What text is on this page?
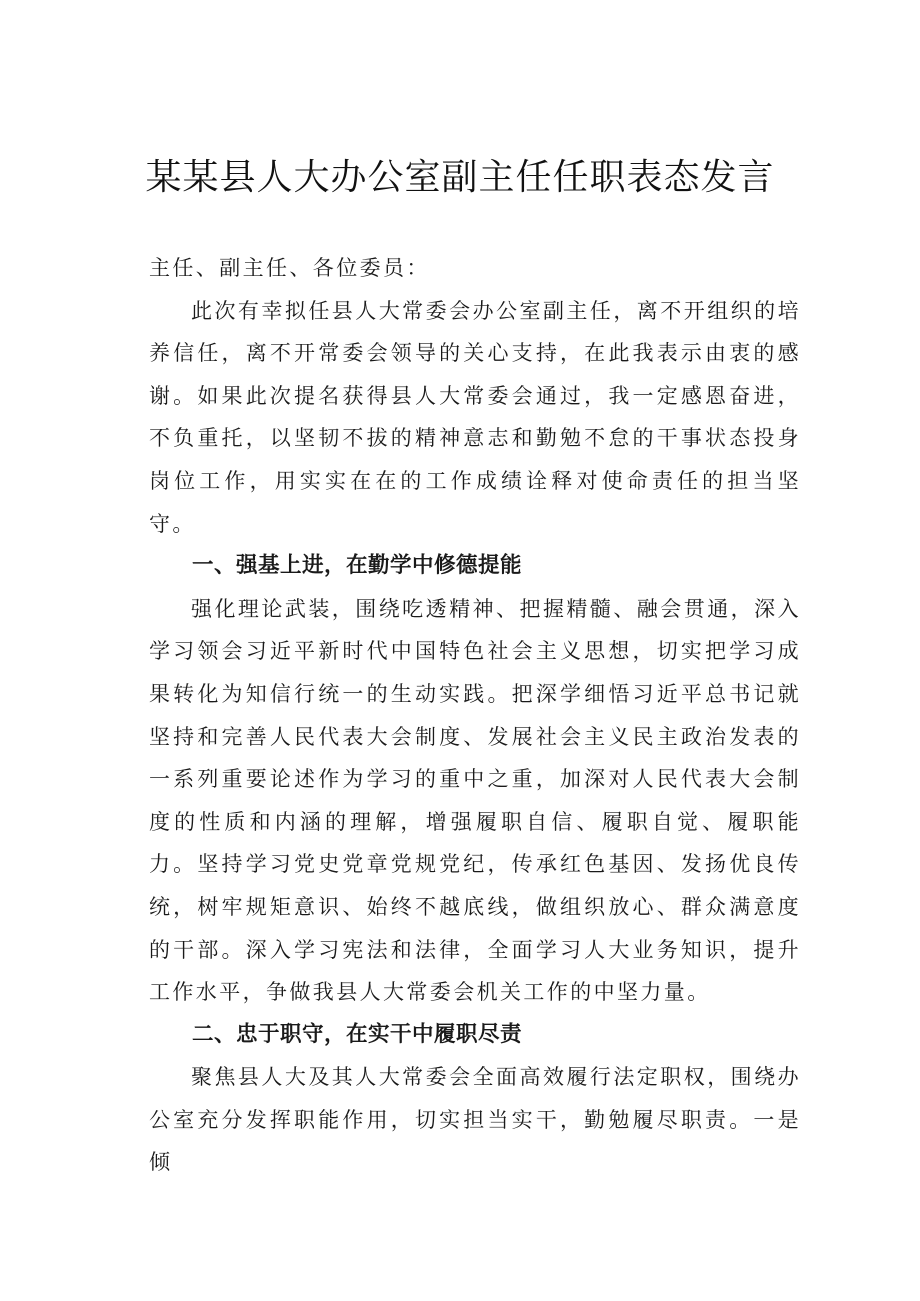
某某县人大办公室副主任任职表态发言

主任、副主任、各位委员：

此次有幸拟任县人大常委会办公室副主任，离不开组织的培养信任，离不开常委会领导的关心支持，在此我表示由衷的感谢。如果此次提名获得县人大常委会通过，我一定感恩奋进，不负重托，以坚韧不拔的精神意志和勤勉不怠的干事状态投身岗位工作，用实实在在的工作成绩诠释对使命责任的担当坚守。

一、强基上进，在勤学中修德提能

强化理论武装，围绕吃透精神、把握精髓、融会贯通，深入学习领会习近平新时代中国特色社会主义思想，切实把学习成果转化为知信行统一的生动实践。把深学细悟习近平总书记就坚持和完善人民代表大会制度、发展社会主义民主政治发表的一系列重要论述作为学习的重中之重，加深对人民代表大会制度的性质和内涵的理解，增强履职自信、履职自觉、履职能力。坚持学习党史党章党规党纪，传承红色基因、发扬优良传统，树牢规矩意识、始终不越底线，做组织放心、群众满意度的干部。深入学习宪法和法律，全面学习人大业务知识，提升工作水平，争做我县人大常委会机关工作的中坚力量。

二、忠于职守，在实干中履职尽责

聚焦县人大及其人大常委会全面高效履行法定职权，围绕办公室充分发挥职能作用，切实担当实干，勤勉履尽职责。一是倾
